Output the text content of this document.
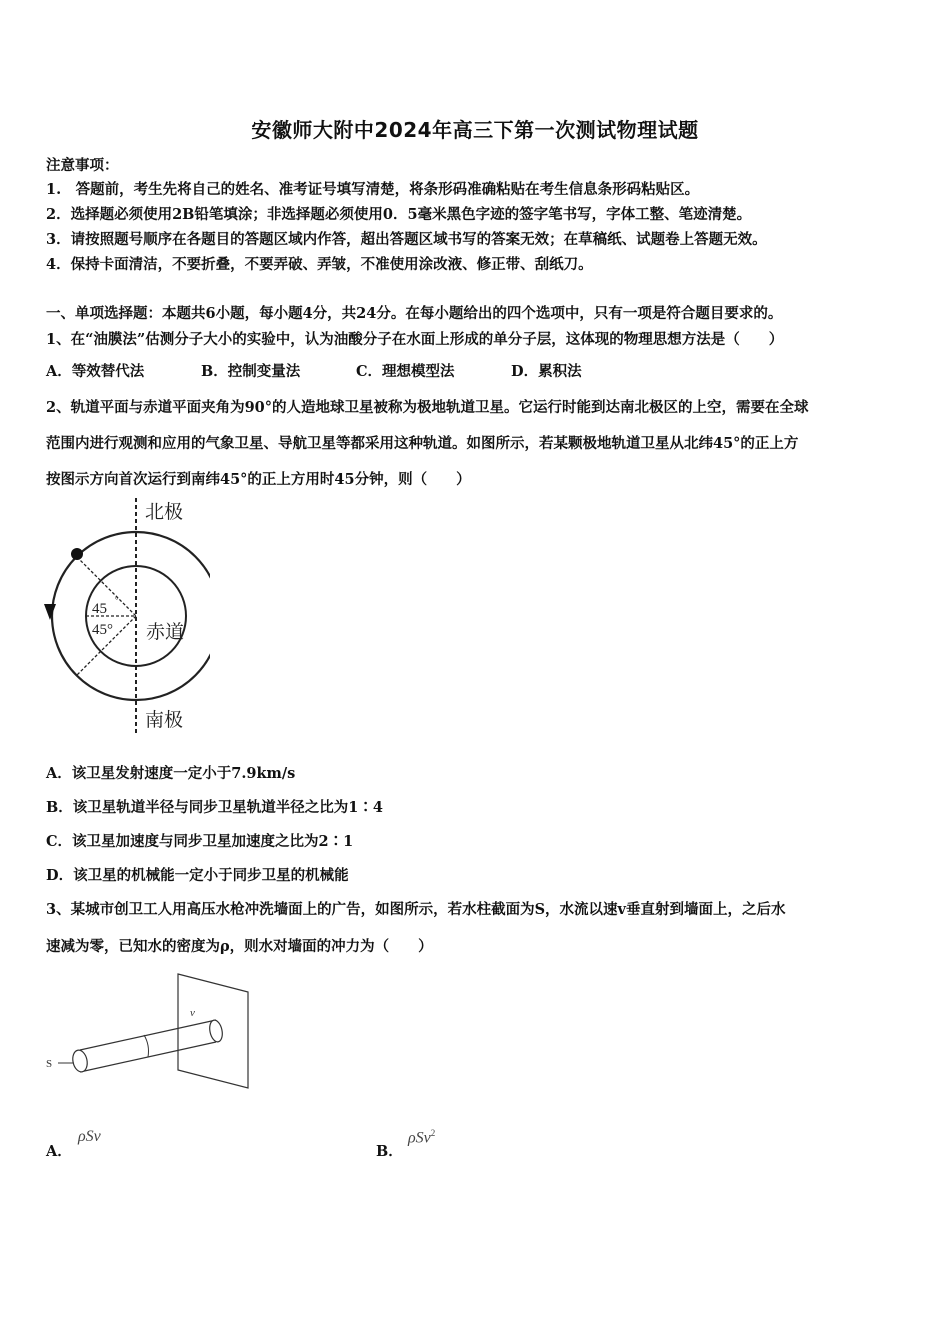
安徽师大附中2024年高三下第一次测试物理试题
注意事项：
1.　答题前，考生先将自己的姓名、准考证号填写清楚，将条形码准确粘贴在考生信息条形码粘贴区。
2．选择题必须使用2B铅笔填涂；非选择题必须使用0．5毫米黑色字迹的签字笔书写，字体工整、笔迹清楚。
3．请按照题号顺序在各题目的答题区域内作答，超出答题区域书写的答案无效；在草稿纸、试题卷上答题无效。
4．保持卡面清洁，不要折叠，不要弄破、弄皱，不准使用涂改液、修正带、刮纸刀。
一、单项选择题：本题共6小题，每小题4分，共24分。在每小题给出的四个选项中，只有一项是符合题目要求的。
1、在“油膜法”估测分子大小的实验中，认为油酸分子在水面上形成的单分子层，这体现的物理思想方法是（　　）
A．等效替代法	B．控制变量法	C．理想模型法	D．累积法
2、轨道平面与赤道平面夹角为90°的人造地球卫星被称为极地轨道卫星。它运行时能到达南北极区的上空，需要在全球
范围内进行观测和应用的气象卫星、导航卫星等都采用这种轨道。如图所示，若某颗极地轨道卫星从北纬45°的正上方
按图示方向首次运行到南纬45°的正上方用时45分钟，则（　　）
北极
南极
赤道
45
°
45°
A．该卫星发射速度一定小于7.9km/s
B．该卫星轨道半径与同步卫星轨道半径之比为1∶4
C．该卫星加速度与同步卫星加速度之比为2∶1
D．该卫星的机械能一定小于同步卫星的机械能
3、某城市创卫工人用高压水枪冲洗墙面上的广告，如图所示，若水柱截面为S，水流以速v垂直射到墙面上，之后水
速减为零，已知水的密度为ρ，则水对墙面的冲力为（　　）
S
v
A．
ρSv
B．
ρSv$^2$
